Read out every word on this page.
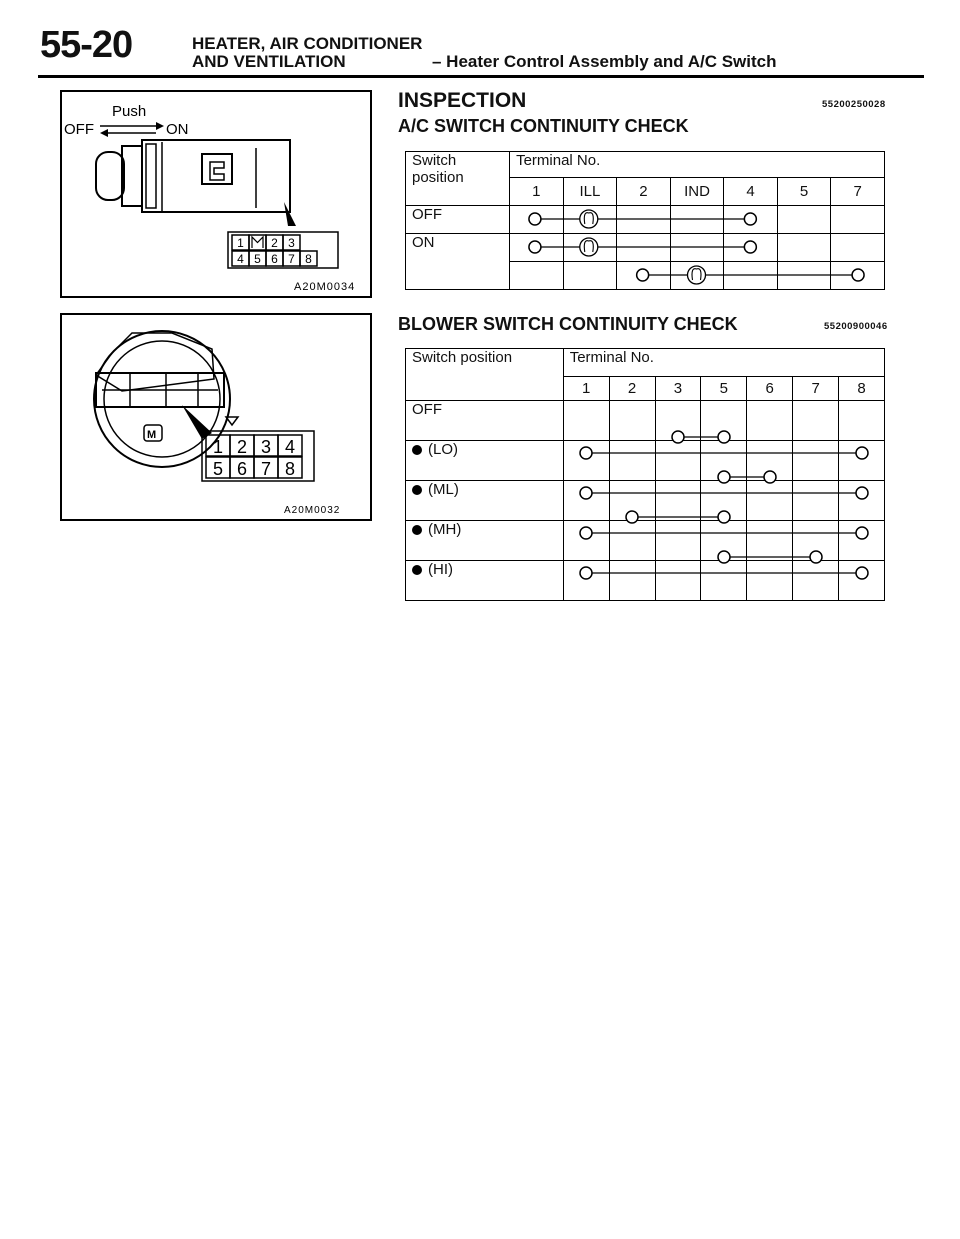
55-20	HEATER, AIR CONDITIONER
AND VENTILATION	– Heater Control Assembly and A/C Switch
Push
OFF	ON
1 2 3
4 5 6 7 8
A20M0034
M
1 2 3 4
5 6 7 8
A20M0032
INSPECTION	55200250028
A/C SWITCH CONTINUITY CHECK
Switch
position	Terminal No.						
	1	ILL	2	IND	4	5	7
OFF							
ON							

BLOWER SWITCH CONTINUITY CHECK	55200900046
Switch position	Terminal No.						
	1	2	3	5	6	7	8
OFF							
(LO)							
(ML)							
(MH)							
(HI)							
